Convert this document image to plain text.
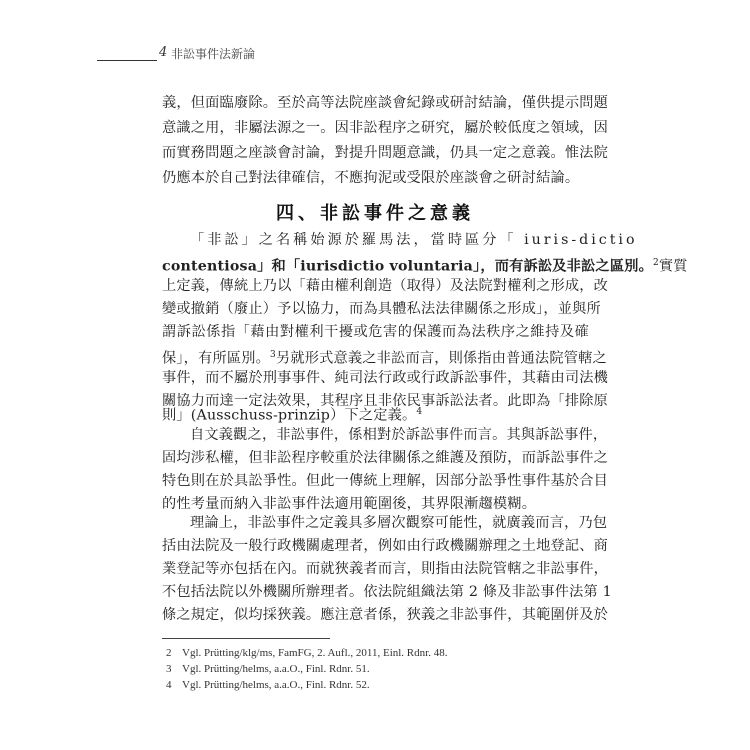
4 非訟事件法新論
義，但面臨廢除。至於高等法院座談會紀錄或研討結論，僅供提示問題
意識之用，非屬法源之一。因非訟程序之研究，屬於較低度之領域，因
而實務問題之座談會討論，對提升問題意識，仍具一定之意義。惟法院
仍應本於自己對法律確信，不應拘泥或受限於座談會之研討結論。
四、非訟事件之意義
「非訟」之名稱始源於羅馬法，當時區分「 iuris-dictio
contentiosa」和「iurisdictio voluntaria」，而有訴訟及非訟之區別。$^2$實質
上定義，傳統上乃以「藉由權利創造（取得）及法院對權利之形成，改
變或撤銷（廢止）予以協力，而為具體私法法律關係之形成」，並與所
謂訴訟係指「藉由對權利干擾或危害的保護而為法秩序之維持及確
保」，有所區別。$^3$另就形式意義之非訟而言，則係指由普通法院管轄之
事件，而不屬於刑事事件、純司法行政或行政訴訟事件，其藉由司法機
關協力而達一定法效果，其程序且非依民事訴訟法者。此即為「排除原
則」(Ausschuss-prinzip）下之定義。$^4$
自文義觀之，非訟事件，係相對於訴訟事件而言。其與訴訟事件，
固均涉私權，但非訟程序較重於法律關係之維護及預防，而訴訟事件之
特色則在於具訟爭性。但此一傳統上理解，因部分訟爭性事件基於合目
的性考量而納入非訟事件法適用範圍後，其界限漸趨模糊。
理論上，非訟事件之定義具多層次觀察可能性，就廣義而言，乃包
括由法院及一般行政機關處理者，例如由行政機關辦理之土地登記、商
業登記等亦包括在內。而就狹義者而言，則指由法院管轄之非訟事件，
不包括法院以外機關所辦理者。依法院組織法第 2 條及非訟事件法第 1
條之規定，似均採狹義。應注意者係，狹義之非訟事件，其範圍併及於
2 Vgl. Prütting/klg/ms, FamFG, 2. Aufl., 2011, Einl. Rdnr. 48.
3 Vgl. Prütting/helms, a.a.O., Finl. Rdnr. 51.
4 Vgl. Prütting/helms, a.a.O., Finl. Rdnr. 52.
